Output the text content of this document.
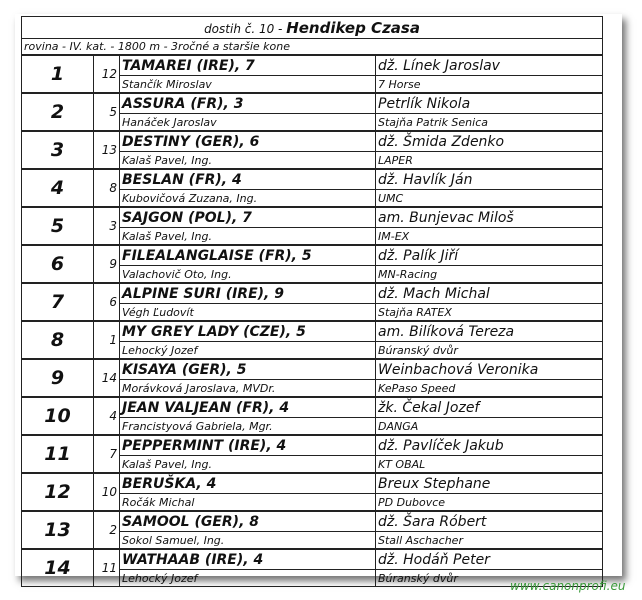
dostih č. 10 - Hendikep Czasa			
rovina - IV. kat. - 1800 m - 3ročné a staršie kone			
1	12	TAMAREI (IRE), 7	dž. Línek Jaroslav
		Stančík Miroslav	7 Horse
2	5	ASSURA (FR), 3	Petrlík Nikola
		Hanáček Jaroslav	Stajňa Patrik Senica
3	13	DESTINY (GER), 6	dž. Šmida Zdenko
		Kalaš Pavel, Ing.	LAPER
4	8	BESLAN (FR), 4	dž. Havlík Ján
		Kubovičová Zuzana, Ing.	UMC
5	3	SAJGON (POL), 7	am. Bunjevac Miloš
		Kalaš Pavel, Ing.	IM-EX
6	9	FILEALANGLAISE (FR), 5	dž. Palík Jiří
		Valachovič Oto, Ing.	MN-Racing
7	6	ALPINE SURI (IRE), 9	dž. Mach Michal
		Végh Ľudovít	Stajňa RATEX
8	1	MY GREY LADY (CZE), 5	am. Bilíková Tereza
		Lehocký Jozef	Búranský dvůr
9	14	KISAYA (GER), 5	Weinbachová Veronika
		Morávková Jaroslava, MVDr.	KePaso Speed
10	4	JEAN VALJEAN (FR), 4	žk. Čekal Jozef
		Francistyová Gabriela, Mgr.	DANGA
11	7	PEPPERMINT (IRE), 4	dž. Pavlíček Jakub
		Kalaš Pavel, Ing.	KT OBAL
12	10	BERUŠKA, 4	Breux Stephane
		Ročák Michal	PD Dubovce
13	2	SAMOOL (GER), 8	dž. Šara Róbert
		Sokol Samuel, Ing.	Stall Aschacher
14	11	WATHAAB (IRE), 4	dž. Hodáň Peter
		Lehocký Jozef	Búranský dvůr
www.canonprofi.eu
